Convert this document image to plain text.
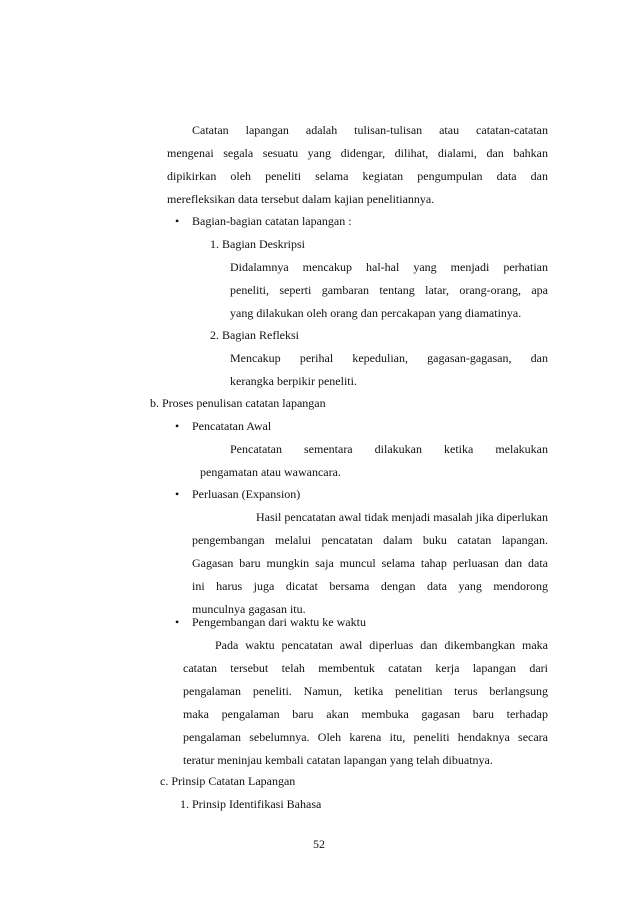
Catatan lapangan adalah tulisan-tulisan atau catatan-catatan
mengenai segala sesuatu yang didengar, dilihat, dialami, dan bahkan
dipikirkan oleh peneliti selama kegiatan pengumpulan data dan
merefleksikan data tersebut dalam kajian penelitiannya.
• Bagian-bagian catatan lapangan :
1. Bagian Deskripsi
Didalamnya mencakup hal-hal yang menjadi perhatian
peneliti, seperti gambaran tentang latar, orang-orang, apa
yang dilakukan oleh orang dan percakapan yang diamatinya.
2. Bagian Refleksi
Mencakup perihal kepedulian, gagasan-gagasan, dan
kerangka berpikir peneliti.
b. Proses penulisan catatan lapangan
• Pencatatan Awal
Pencatatan sementara dilakukan ketika melakukan
pengamatan atau wawancara.
• Perluasan (Expansion)
Hasil pencatatan awal tidak menjadi masalah jika diperlukan
pengembangan melalui pencatatan dalam buku catatan lapangan.
Gagasan baru mungkin saja muncul selama tahap perluasan dan data
ini harus juga dicatat bersama dengan data yang mendorong
munculnya gagasan itu.
• Pengembangan dari waktu ke waktu
Pada waktu pencatatan awal diperluas dan dikembangkan maka
catatan tersebut telah membentuk catatan kerja lapangan dari
pengalaman peneliti. Namun, ketika penelitian terus berlangsung
maka pengalaman baru akan membuka gagasan baru terhadap
pengalaman sebelumnya. Oleh karena itu, peneliti hendaknya secara
teratur meninjau kembali catatan lapangan yang telah dibuatnya.
c. Prinsip Catatan Lapangan
1. Prinsip Identifikasi Bahasa
52
